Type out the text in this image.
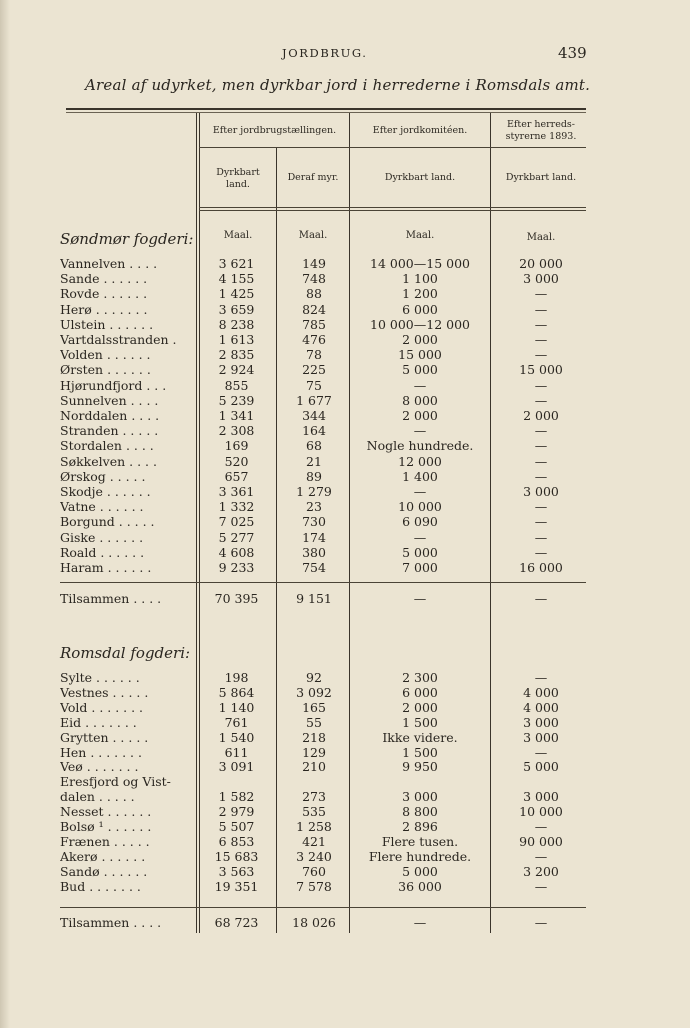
JORDBRUG.	439
Areal af udyrket, men dyrkbar jord i herrederne i Romsdals amt.
Efter jordbrugstællingen.	Efter jordkomitéen.
Efter herreds-
styrerne 1893.
Dyrkbart
land.
Deraf myr.	Dyrkbart land.	Dyrkbart land.
Maal.	Maal.	Maal.	Maal.
Søndmør fogderi:
Vannelven . . . .	3 621	149	14 000—15 000	20 000
Sande . . . . . .	4 155	748	1 100	3 000
Rovde . . . . . .	1 425	88	1 200	—
Herø . . . . . . .	3 659	824	6 000	—
Ulstein . . . . . .	8 238	785	10 000—12 000	—
Vartdalsstranden .	1 613	476	2 000	—
Volden . . . . . .	2 835	78	15 000	—
Ørsten . . . . . .	2 924	225	5 000	15 000
Hjørundfjord . . .	855	75	—	—
Sunnelven . . . .	5 239	1 677	8 000	—
Norddalen . . . .	1 341	344	2 000	2 000
Stranden . . . . .	2 308	164	—	—
Stordalen . . . .	169	68	Nogle hundrede.	—
Søkkelven . . . .	520	21	12 000	—
Ørskog . . . . .	657	89	1 400	—
Skodje . . . . . .	3 361	1 279	—	3 000
Vatne . . . . . .	1 332	23	10 000	—
Borgund . . . . .	7 025	730	6 090	—
Giske . . . . . .	5 277	174	—	—
Roald . . . . . .	4 608	380	5 000	—
Haram . . . . . .	9 233	754	7 000	16 000
Tilsammen . . . .	70 395	9 151	—	—
Romsdal fogderi:
Sylte . . . . . .	198	92	2 300	—
Vestnes . . . . .	5 864	3 092	6 000	4 000
Vold . . . . . . .	1 140	165	2 000	4 000
Eid . . . . . . .	761	55	1 500	3 000
Grytten . . . . .	1 540	218	Ikke videre.	3 000
Hen . . . . . . .	611	129	1 500	—
Veø . . . . . . .	3 091	210	9 950	5 000
Eresfjord og Vist-
dalen . . . . .	1 582	273	3 000	3 000
Nesset . . . . . .	2 979	535	8 800	10 000
Bolsø ¹ . . . . . .	5 507	1 258	2 896	—
Frænen . . . . .	6 853	421	Flere tusen.	90 000
Akerø . . . . . .	15 683	3 240	Flere hundrede.	—
Sandø . . . . . .	3 563	760	5 000	3 200
Bud . . . . . . .	19 351	7 578	36 000	—
Tilsammen . . . .	68 723	18 026	—	—
